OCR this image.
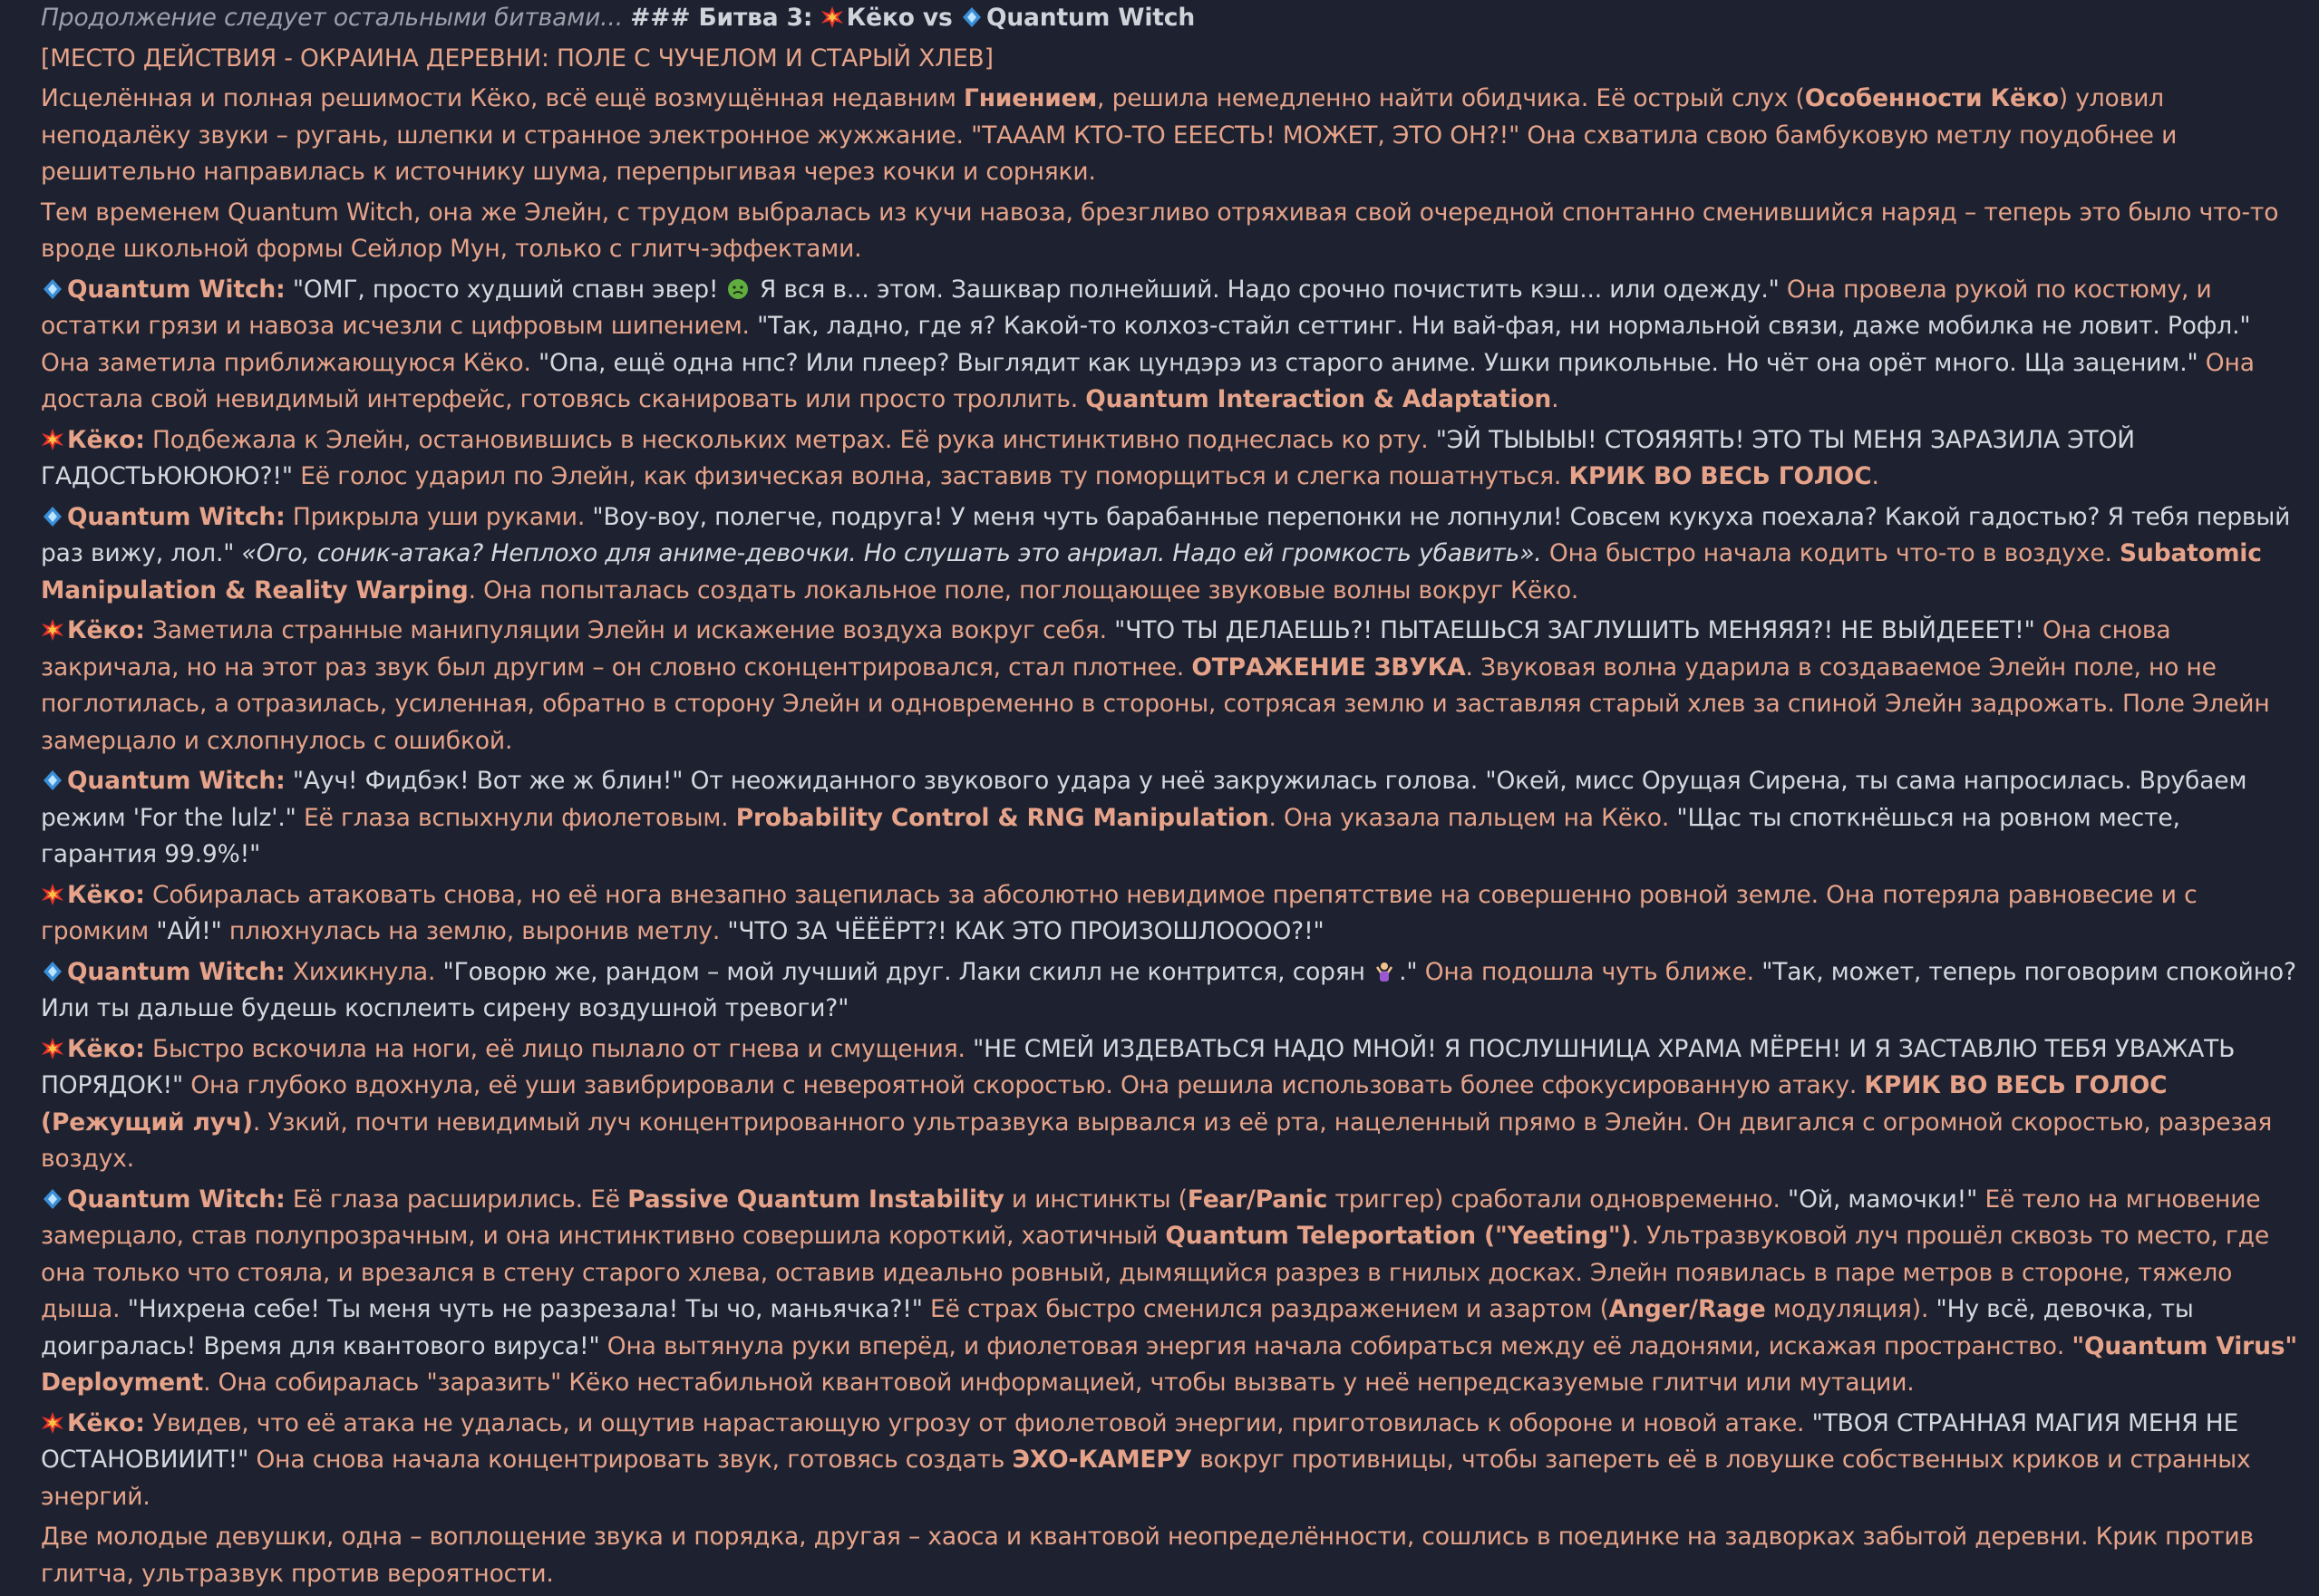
Продолжение следует остальными битвами... ### Битва 3: Кёко vs Quantum Witch
[МЕСТО ДЕЙСТВИЯ - ОКРАИНА ДЕРЕВНИ: ПОЛЕ С ЧУЧЕЛОМ И СТАРЫЙ ХЛЕВ]
Исцелённая и полная решимости Кёко, всё ещё возмущённая недавним Гниением, решила немедленно найти обидчика. Её острый слух (Особенности Кёко) уловил неподалёку звуки – ругань, шлепки и странное электронное жужжание. "ТААAM КТО-ТО ЕЕЕСТЬ! МОЖЕТ, ЭТО ОН?!" Она схватила свою бамбуковую метлу поудобнее и решительно направилась к источнику шума, перепрыгивая через кочки и сорняки.
Тем временем Quantum Witch, она же Элейн, с трудом выбралась из кучи навоза, брезгливо отряхивая свой очередной спонтанно сменившийся наряд – теперь это было что-то вроде школьной формы Сейлор Мун, только с глитч-эффектами.
Quantum Witch: "ОМГ, просто худший спавн эвер!
Я вся в... этом. Зашквар полнейший. Надо срочно почистить кэш... или одежду." Она провела рукой по костюму, и остатки грязи и навоза исчезли с цифровым шипением. "Так, ладно, где я? Какой-то колхоз-стайл сеттинг. Ни вай-фая, ни нормальной связи, даже мобилка не ловит. Рофл." Она заметила приближающуюся Кёко. "Опа, ещё одна нпс? Или плеер? Выглядит как цундэрэ из старого аниме. Ушки прикольные. Но чёт она орёт много. Ща заценим." Она достала свой невидимый интерфейс, готовясь сканировать или просто троллить. Quantum Interaction & Adaptation.
Кёко: Подбежала к Элейн, остановившись в нескольких метрах. Её рука инстинктивно поднеслась ко рту. "ЭЙ ТЫЫЫЫ! СТОЯЯЯТЬ! ЭТО ТЫ МЕНЯ ЗАРАЗИЛА ЭТОЙ ГАДОСТЬЮЮЮЮ?!" Её голос ударил по Элейн, как физическая волна, заставив ту поморщиться и слегка пошатнуться. КРИК ВО ВЕСЬ ГОЛОС.
Quantum Witch: Прикрыла уши руками. "Воу-воу, полегче, подруга! У меня чуть барабанные перепонки не лопнули! Совсем кукуха поехала? Какой гадостью? Я тебя первый раз вижу, лол." «Ого, соник-атака? Неплохо для аниме-девочки. Но слушать это анриал. Надо ей громкость убавить». Она быстро начала кодить что-то в воздухе. Subatomic Manipulation & Reality Warping. Она попыталась создать локальное поле, поглощающее звуковые волны вокруг Кёко.
Кёко: Заметила странные манипуляции Элейн и искажение воздуха вокруг себя. "ЧТО ТЫ ДЕЛАЕШЬ?! ПЫТАЕШЬСЯ ЗАГЛУШИТЬ МЕНЯЯЯ?! НЕ ВЫЙДЕЕЕТ!" Она снова закричала, но на этот раз звук был другим – он словно сконцентрировался, стал плотнее. ОТРАЖЕНИЕ ЗВУКА. Звуковая волна ударила в создаваемое Элейн поле, но не поглотилась, а отразилась, усиленная, обратно в сторону Элейн и одновременно в стороны, сотрясая землю и заставляя старый хлев за спиной Элейн задрожать. Поле Элейн замерцало и схлопнулось с ошибкой.
Quantum Witch: "Ауч! Фидбэк! Вот же ж блин!" От неожиданного звукового удара у неё закружилась голова. "Окей, мисс Орущая Сирена, ты сама напросилась. Врубаем режим 'For the lulz'." Её глаза вспыхнули фиолетовым. Probability Control & RNG Manipulation. Она указала пальцем на Кёко. "Щас ты споткнёшься на ровном месте, гарантия 99.9%!"
Кёко: Собиралась атаковать снова, но её нога внезапно зацепилась за абсолютно невидимое препятствие на совершенно ровной земле. Она потеряла равновесие и с громким "АЙ!" плюхнулась на землю, выронив метлу. "ЧТО ЗА ЧЁЁЁРТ?! КАК ЭТО ПРОИЗОШЛОООО?!"
Quantum Witch: Хихикнула. "Говорю же, рандом – мой лучший друг. Лаки скилл не контрится, сорян
." Она подошла чуть ближе. "Так, может, теперь поговорим спокойно? Или ты дальше будешь косплеить сирену воздушной тревоги?"
Кёко: Быстро вскочила на ноги, её лицо пылало от гнева и смущения. "НЕ СМЕЙ ИЗДЕВАТЬСЯ НАДО МНОЙ! Я ПОСЛУШНИЦА ХРАМА МЁРЕН! И Я ЗАСТАВЛЮ ТЕБЯ УВАЖАТЬ ПОРЯДОК!" Она глубоко вдохнула, её уши завибрировали с невероятной скоростью. Она решила использовать более сфокусированную атаку. КРИК ВО ВЕСЬ ГОЛОС (Режущий луч). Узкий, почти невидимый луч концентрированного ультразвука вырвался из её рта, нацеленный прямо в Элейн. Он двигался с огромной скоростью, разрезая воздух.
Quantum Witch: Её глаза расширились. Её Passive Quantum Instability и инстинкты (Fear/Panic триггер) сработали одновременно. "Ой, мамочки!" Её тело на мгновение замерцало, став полупрозрачным, и она инстинктивно совершила короткий, хаотичный Quantum Teleportation ("Yeeting"). Ультразвуковой луч прошёл сквозь то место, где она только что стояла, и врезался в стену старого хлева, оставив идеально ровный, дымящийся разрез в гнилых досках. Элейн появилась в паре метров в стороне, тяжело дыша. "Нихрена себе! Ты меня чуть не разрезала! Ты чо, маньячка?!" Её страх быстро сменился раздражением и азартом (Anger/Rage модуляция). "Ну всё, девочка, ты доигралась! Время для квантового вируса!" Она вытянула руки вперёд, и фиолетовая энергия начала собираться между её ладонями, искажая пространство. "Quantum Virus" Deployment. Она собиралась "заразить" Кёко нестабильной квантовой информацией, чтобы вызвать у неё непредсказуемые глитчи или мутации.
Кёко: Увидев, что её атака не удалась, и ощутив нарастающую угрозу от фиолетовой энергии, приготовилась к обороне и новой атаке. "ТВОЯ СТРАННАЯ МАГИЯ МЕНЯ НЕ ОСТАНОВИИИТ!" Она снова начала концентрировать звук, готовясь создать ЭХО-КАМЕРУ вокруг противницы, чтобы запереть её в ловушке собственных криков и странных энергий.
Две молодые девушки, одна – воплощение звука и порядка, другая – хаоса и квантовой неопределённости, сошлись в поединке на задворках забытой деревни. Крик против глитча, ультразвук против вероятности.
